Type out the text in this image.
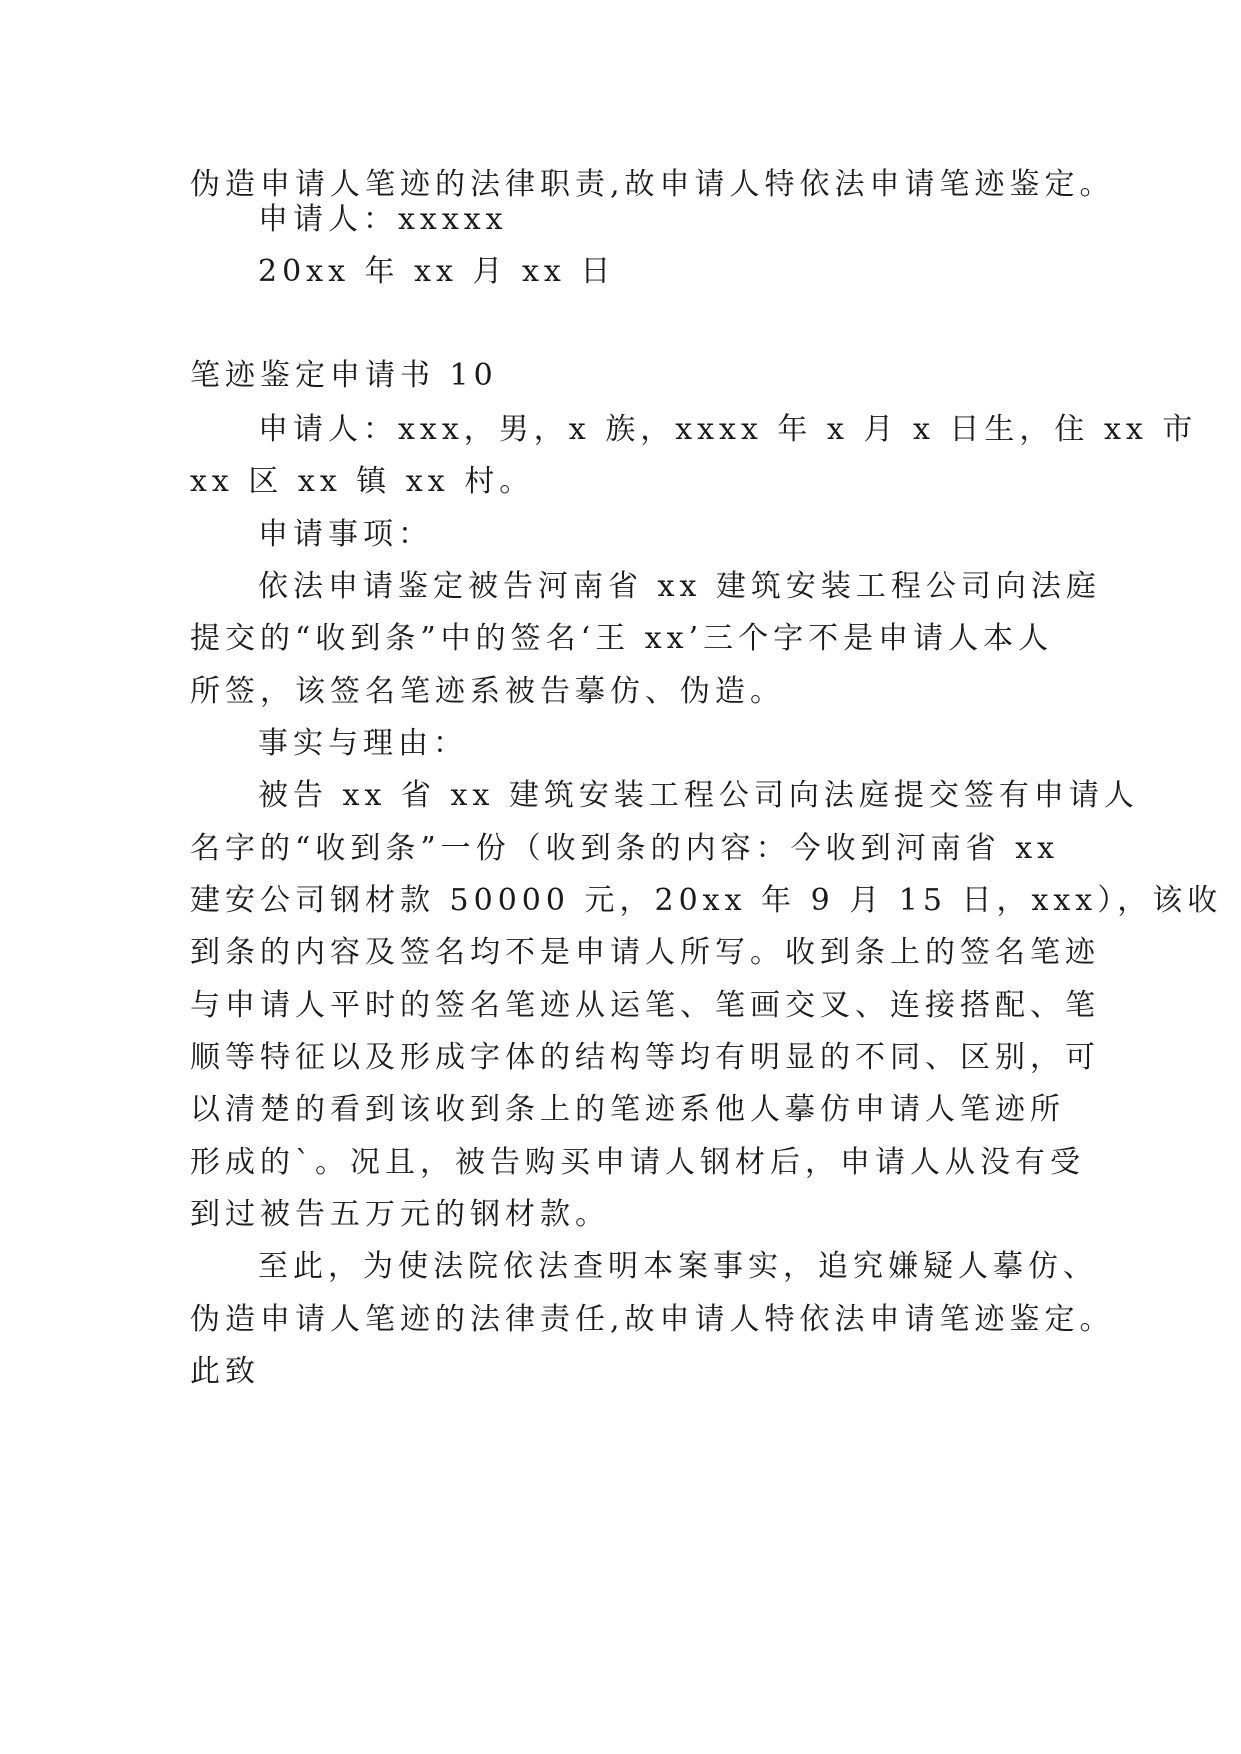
伪造申请人笔迹的法律职责,故申请人特依法申请笔迹鉴定。

申请人：xxxxx

20xx 年 xx 月 xx 日

笔迹鉴定申请书 10

申请人：xxx，男，x 族，xxxx 年 x 月 x 日生，住 xx 市

xx 区 xx 镇 xx 村。

申请事项：

依法申请鉴定被告河南省 xx 建筑安装工程公司向法庭

提交的“收到条”中的签名‘王 xx’三个字不是申请人本人

所签，该签名笔迹系被告摹仿、伪造。

事实与理由：

被告 xx 省 xx 建筑安装工程公司向法庭提交签有申请人

名字的“收到条”一份（收到条的内容：今收到河南省 xx

建安公司钢材款 50000 元，20xx 年 9 月 15 日，xxx），该收

到条的内容及签名均不是申请人所写。收到条上的签名笔迹

与申请人平时的签名笔迹从运笔、笔画交叉、连接搭配、笔

顺等特征以及形成字体的结构等均有明显的不同、区别，可

以清楚的看到该收到条上的笔迹系他人摹仿申请人笔迹所

形成的`。况且，被告购买申请人钢材后，申请人从没有受

到过被告五万元的钢材款。

至此，为使法院依法查明本案事实，追究嫌疑人摹仿、

伪造申请人笔迹的法律责任,故申请人特依法申请笔迹鉴定。

此致
